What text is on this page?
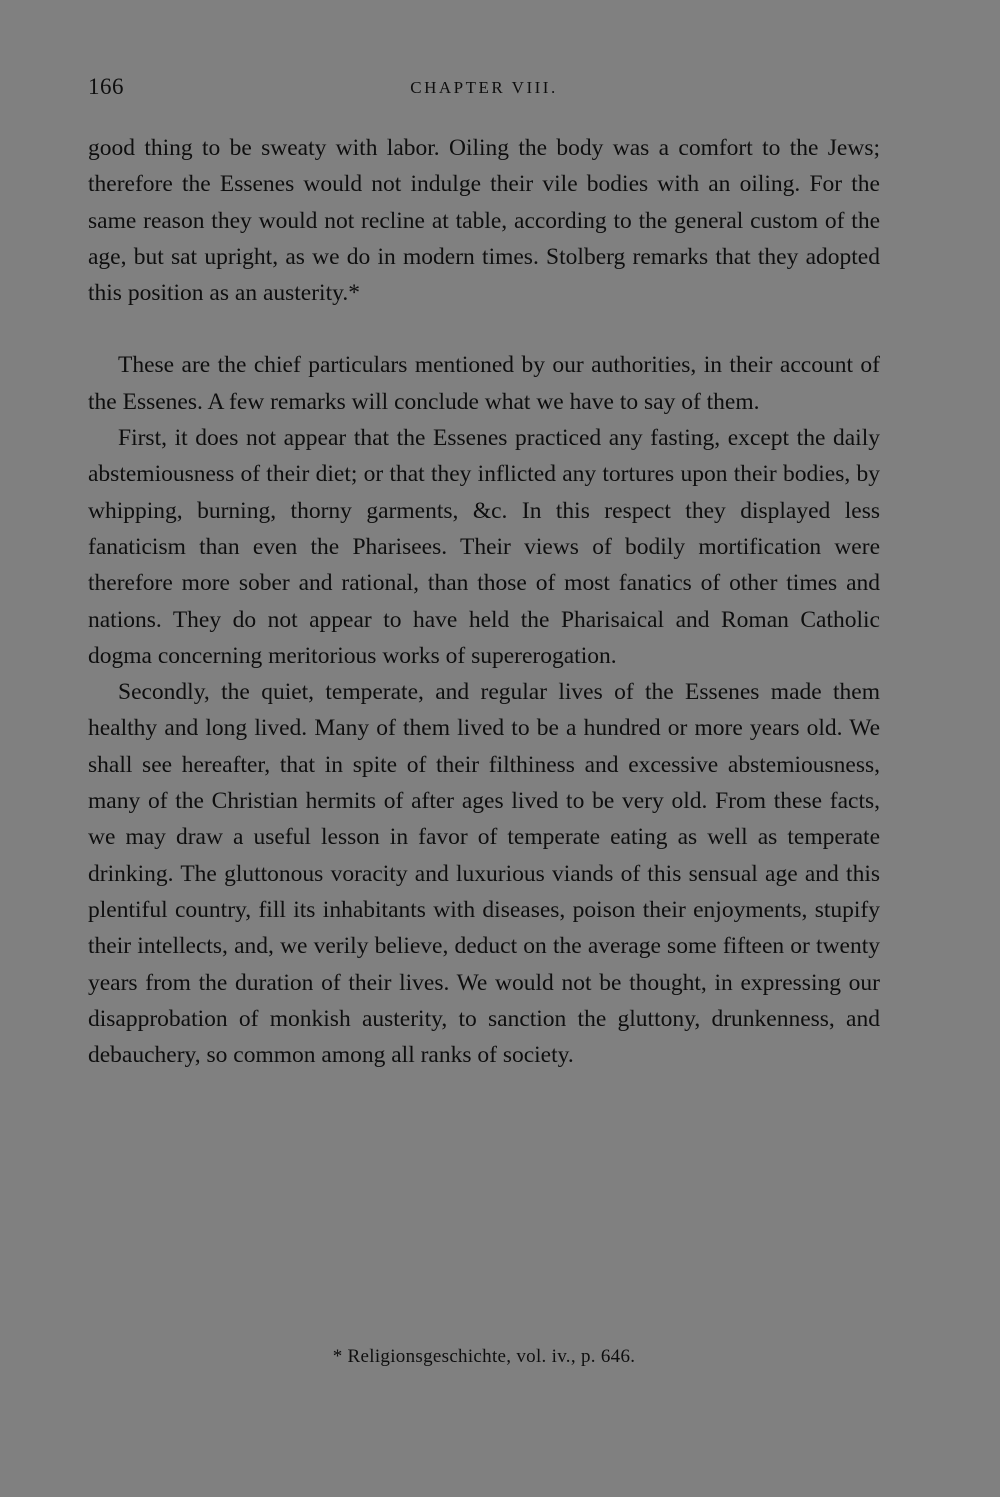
166	CHAPTER VIII.

good thing to be sweaty with labor. Oiling the body was a comfort to the Jews; therefore the Essenes would not indulge their vile bodies with an oiling. For the same reason they would not recline at table, according to the general custom of the age, but sat upright, as we do in modern times. Stolberg remarks that they adopted this position as an austerity.*

These are the chief particulars mentioned by our authorities, in their account of the Essenes. A few remarks will conclude what we have to say of them.

First, it does not appear that the Essenes practiced any fasting, except the daily abstemiousness of their diet; or that they inflicted any tortures upon their bodies, by whipping, burning, thorny garments, &c. In this respect they displayed less fanaticism than even the Pharisees. Their views of bodily mortification were therefore more sober and rational, than those of most fanatics of other times and nations. They do not appear to have held the Pharisaical and Roman Catholic dogma concerning meritorious works of supererogation.

Secondly, the quiet, temperate, and regular lives of the Essenes made them healthy and long lived. Many of them lived to be a hundred or more years old. We shall see hereafter, that in spite of their filthiness and excessive abstemiousness, many of the Christian hermits of after ages lived to be very old. From these facts, we may draw a useful lesson in favor of temperate eating as well as temperate drinking. The gluttonous voracity and luxurious viands of this sensual age and this plentiful country, fill its inhabitants with diseases, poison their enjoyments, stupify their intellects, and, we verily believe, deduct on the average some fifteen or twenty years from the duration of their lives. We would not be thought, in expressing our disapprobation of monkish austerity, to sanction the gluttony, drunkenness, and debauchery, so common among all ranks of society.

* Religionsgeschichte, vol. iv., p. 646.
